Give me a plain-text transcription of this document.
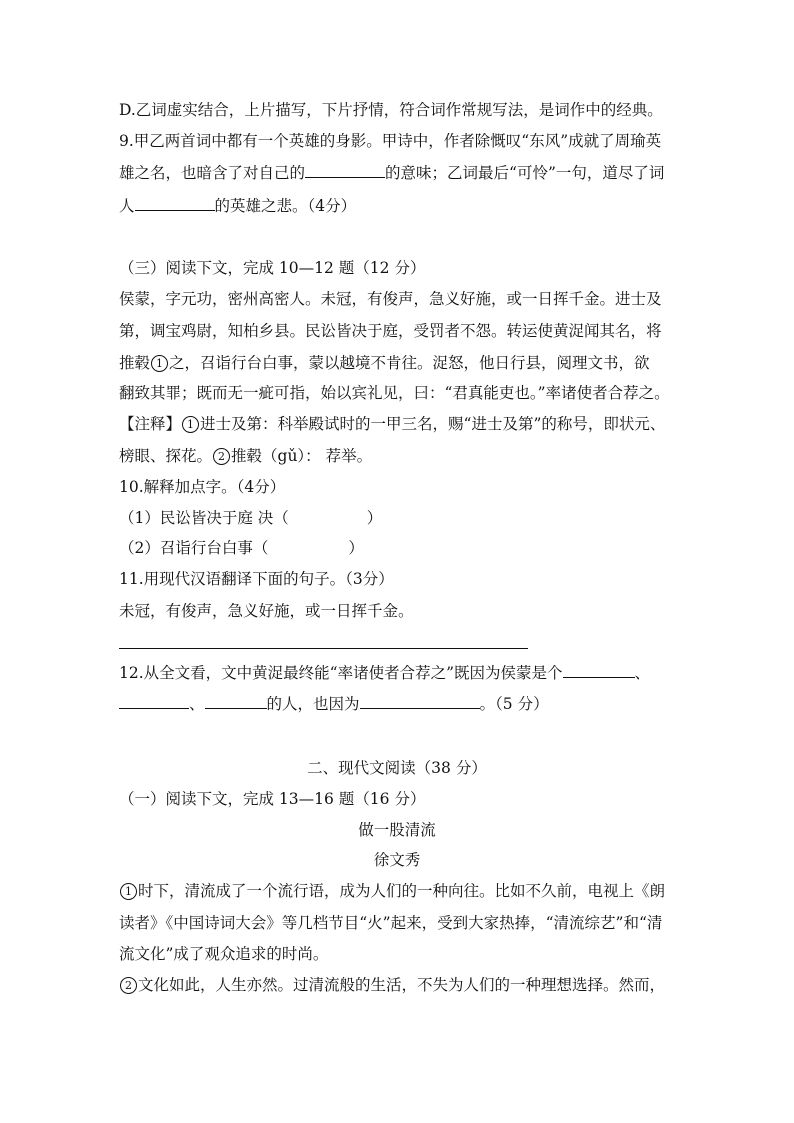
D.乙词虚实结合，上片描写，下片抒情，符合词作常规写法，是词作中的经典。
9.甲乙两首词中都有一个英雄的身影。甲诗中，作者除慨叹“东风”成就了周瑜英
雄之名，也暗含了对自己的	的意味；乙词最后“可怜”一句，道尽了词
人	的英雄之悲。（4分）
（三）阅读下文，完成 10—12 题（12 分）
侯蒙，字元功，密州高密人。未冠，有俊声，急义好施，或一日挥千金。进士及
第，调宝鸡尉，知柏乡县。民讼皆决于庭，受罚者不怨。转运使黄浞闻其名，将
推毂 1 之，召诣行台白事，蒙以越境不肯往。浞怒，他日行县，阅理文书，欲
翻致其罪；既而无一疵可指，始以宾礼见，曰：“君真能吏也。”率诸使者合荐之。
【注释】 1 进士及第：科举殿试时的一甲三名，赐“进士及第”的称号，即状元、
榜眼、探花。 2 推毂（gǔ）： 荐举。
10.解释加点字。（4分）
（1）民讼皆决于庭 决（	）
（2）召诣行台白事（	）
11.用现代汉语翻译下面的句子。（3分）
未冠，有俊声，急义好施，或一日挥千金。
12.从全文看，文中黄浞最终能“率诸使者合荐之”既因为侯蒙是个	、
、	的人，也因为	。（5 分）
二、现代文阅读（38 分）
（一）阅读下文，完成 13—16 题（16 分）
做一股清流
徐文秀
1 时下，清流成了一个流行语，成为人们的一种向往。比如不久前，电视上《朗
读者》《中国诗词大会》等几档节目“火”起来，受到大家热捧，“清流综艺”和“清
流文化”成了观众追求的时尚。
2 文化如此，人生亦然。过清流般的生活，不失为人们的一种理想选择。然而，
